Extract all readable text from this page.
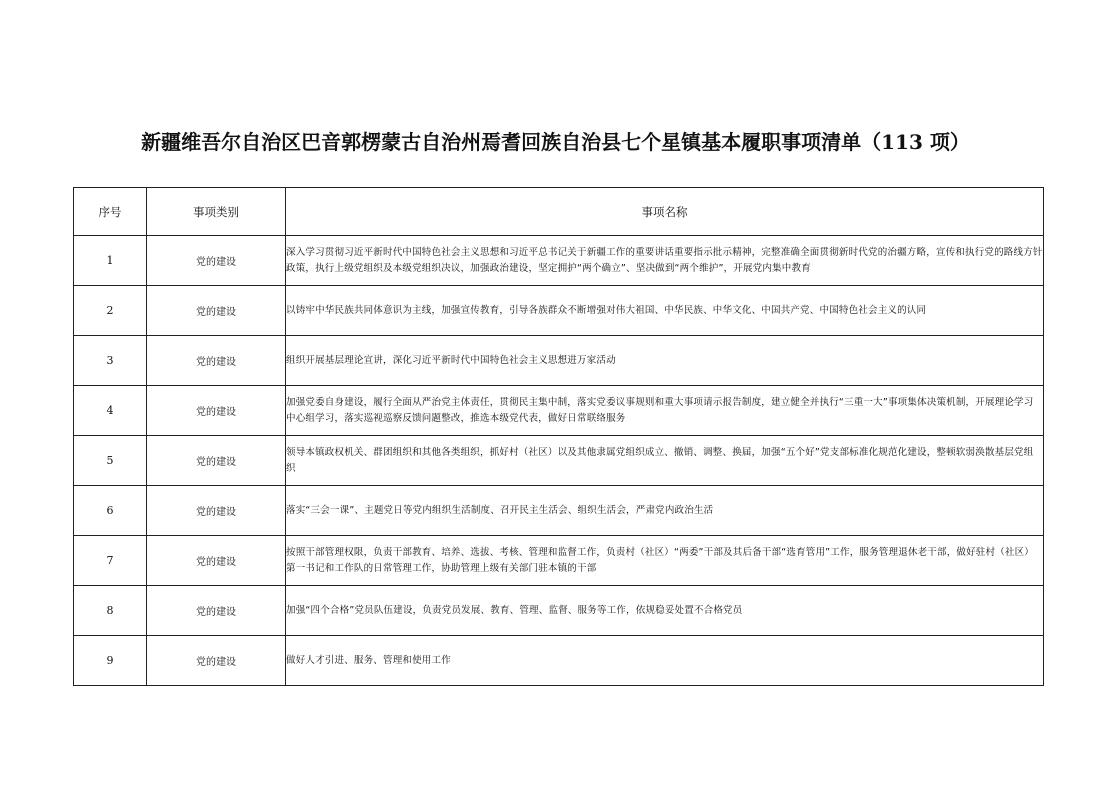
新疆维吾尔自治区巴音郭楞蒙古自治州焉耆回族自治县七个星镇基本履职事项清单（113 项）
序号	事项类别	事项名称
1	党的建设	深入学习贯彻习近平新时代中国特色社会主义思想和习近平总书记关于新疆工作的重要讲话重要指示批示精神，完整准确全面贯彻新时代党的治疆方略，宣传和执行党的路线方针政策，执行上级党组织及本级党组织决议，加强政治建设，坚定拥护“两个确立”、坚决做到“两个维护”，开展党内集中教育
2	党的建设	以铸牢中华民族共同体意识为主线，加强宣传教育，引导各族群众不断增强对伟大祖国、中华民族、中华文化、中国共产党、中国特色社会主义的认同
3	党的建设	组织开展基层理论宣讲，深化习近平新时代中国特色社会主义思想进万家活动
4	党的建设	加强党委自身建设，履行全面从严治党主体责任，贯彻民主集中制，落实党委议事规则和重大事项请示报告制度，建立健全并执行“三重一大”事项集体决策机制，开展理论学习中心组学习，落实巡视巡察反馈问题整改，推选本级党代表，做好日常联络服务
5	党的建设	领导本镇政权机关、群团组织和其他各类组织，抓好村（社区）以及其他隶属党组织成立、撤销、调整、换届，加强“五个好”党支部标准化规范化建设，整顿软弱涣散基层党组织
6	党的建设	落实“三会一课”、主题党日等党内组织生活制度、召开民主生活会、组织生活会，严肃党内政治生活
7	党的建设	按照干部管理权限，负责干部教育、培养、选拔、考核、管理和监督工作，负责村（社区）“两委”干部及其后备干部“选育管用”工作，服务管理退休老干部，做好驻村（社区）第一书记和工作队的日常管理工作，协助管理上级有关部门驻本镇的干部
8	党的建设	加强“四个合格”党员队伍建设，负责党员发展、教育、管理、监督、服务等工作，依规稳妥处置不合格党员
9	党的建设	做好人才引进、服务、管理和使用工作
